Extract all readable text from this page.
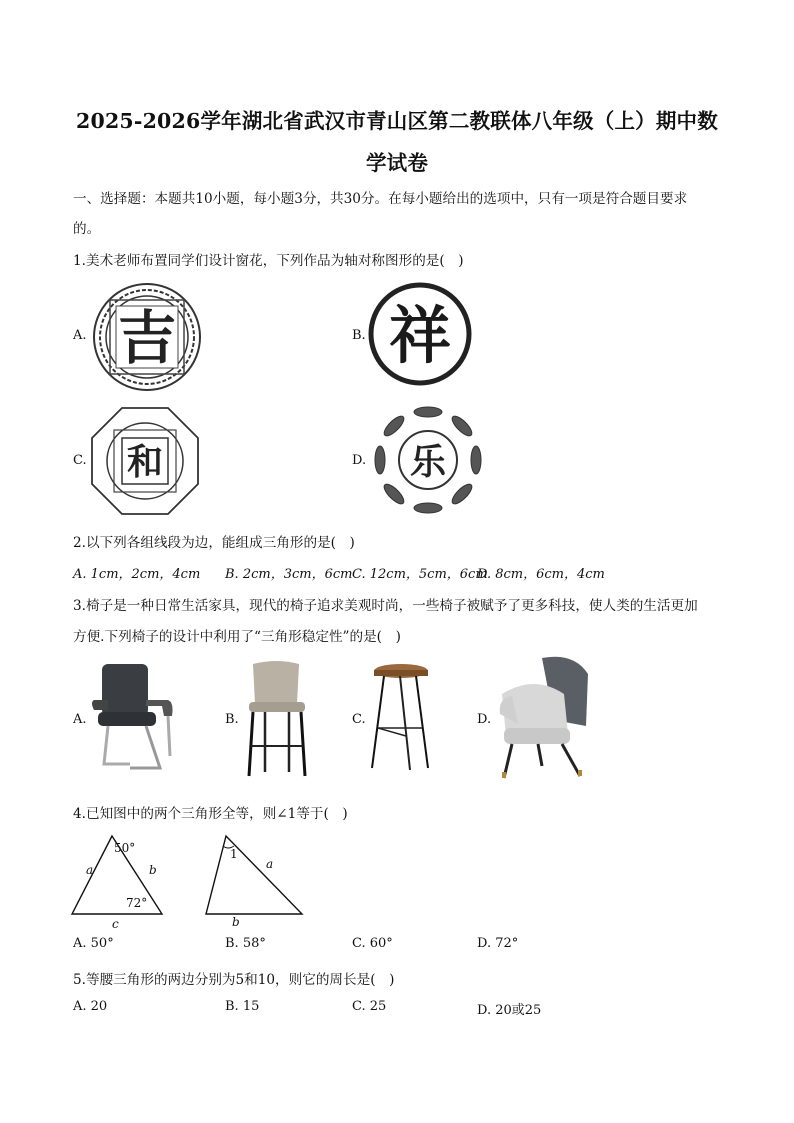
2025-2026学年湖北省武汉市青山区第二教联体八年级（上）期中数
学试卷
一、选择题：本题共10小题，每小题3分，共30分。在每小题给出的选项中，只有一项是符合题目要求
的。
1.美术老师布置同学们设计窗花，下列作品为轴对称图形的是(　)
A. 吉	B. 祥
C. 和	D. 乐
2.以下列各组线段为边，能组成三角形的是(　)
A. 1cm，2cm，4cm B. 2cm，3cm，6cm C. 12cm，5cm，6cm
D. 8cm，6cm，4cm
3.椅子是一种日常生活家具，现代的椅子追求美观时尚，一些椅子被赋予了更多科技，使人类的生活更加
方便.下列椅子的设计中利用了“三角形稳定性”的是(　)
A.	B.	C.	D.
4.已知图中的两个三角形全等，则∠1等于(　)
50°
72°
a	b
c
1
a
b
A. 50°	B. 58°	C. 60°	D. 72°
5.等腰三角形的两边分别为5和10，则它的周长是(　)
A. 20	B. 15	C. 25	D. 20或25
